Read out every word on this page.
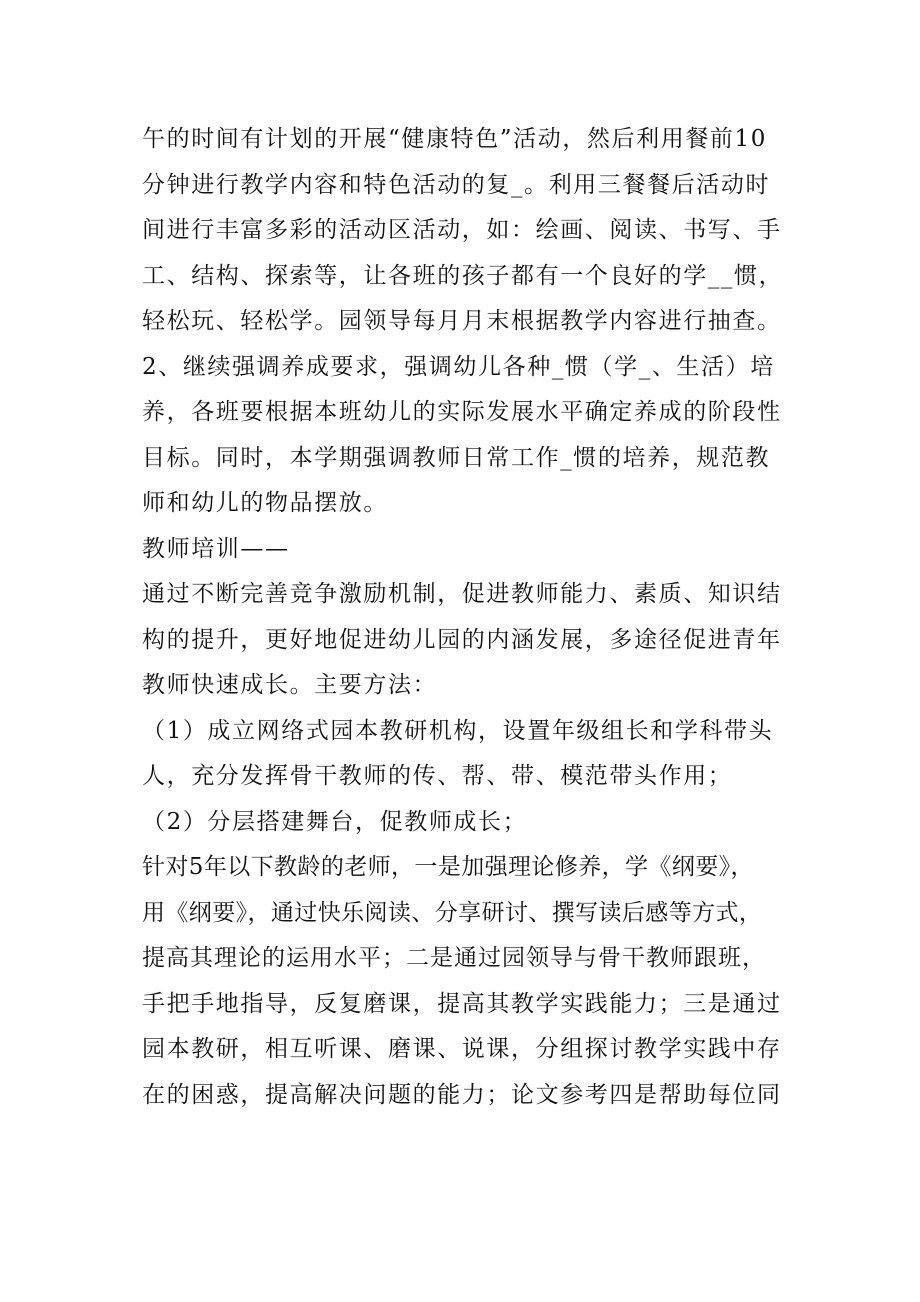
午的时间有计划的开展“健康特色”活动，然后利用餐前10
分钟进行教学内容和特色活动的复_。利用三餐餐后活动时
间进行丰富多彩的活动区活动，如：绘画、阅读、书写、手
工、结构、探索等，让各班的孩子都有一个良好的学__惯，
轻松玩、轻松学。园领导每月月末根据教学内容进行抽查。
2、继续强调养成要求，强调幼儿各种_惯（学_、生活）培
养，各班要根据本班幼儿的实际发展水平确定养成的阶段性
目标。同时，本学期强调教师日常工作_惯的培养，规范教
师和幼儿的物品摆放。
教师培训——
通过不断完善竞争激励机制，促进教师能力、素质、知识结
构的提升，更好地促进幼儿园的内涵发展，多途径促进青年
教师快速成长。主要方法：
（1）成立网络式园本教研机构，设置年级组长和学科带头
人，充分发挥骨干教师的传、帮、带、模范带头作用；
（2）分层搭建舞台，促教师成长；
针对5年以下教龄的老师，一是加强理论修养，学《纲要》，
用《纲要》，通过快乐阅读、分享研讨、撰写读后感等方式，
提高其理论的运用水平；二是通过园领导与骨干教师跟班，
手把手地指导，反复磨课，提高其教学实践能力；三是通过
园本教研，相互听课、磨课、说课，分组探讨教学实践中存
在的困惑，提高解决问题的能力；论文参考四是帮助每位同
